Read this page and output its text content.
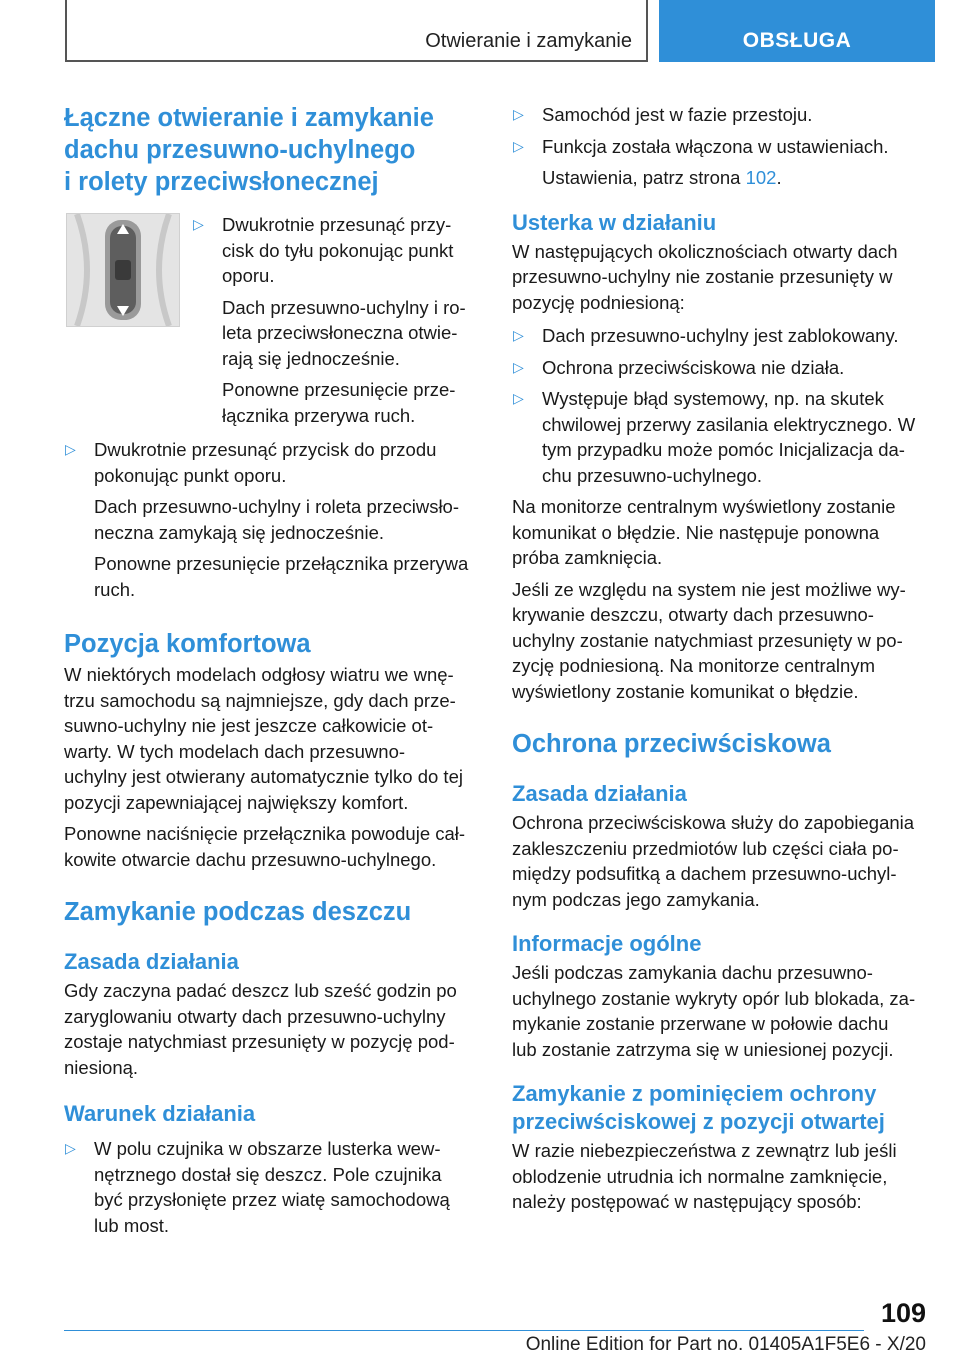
Otwieranie i zamykanie	OBSŁUGA
Łączne otwieranie i zamykanie
dachu przesuwno-uchylnego
i rolety przeciwsłonecznej
▷ Dwukrotnie przesunąć przy-
cisk do tyłu pokonując punkt
oporu.
Dach przesuwno-uchylny i ro-
leta przeciwsłoneczna otwie-
rają się jednocześnie.
Ponowne przesunięcie prze-
łącznika przerywa ruch.
▷ Dwukrotnie przesunąć przycisk do przodu
pokonując punkt oporu.
Dach przesuwno-uchylny i roleta przeciwsło-
neczna zamykają się jednocześnie.
Ponowne przesunięcie przełącznika przerywa
ruch.
Pozycja komfortowa

W niektórych modelach odgłosy wiatru we wnę-
trzu samochodu są najmniejsze, gdy dach prze-
suwno-uchylny nie jest jeszcze całkowicie ot-
warty. W tych modelach dach przesuwno-
uchylny jest otwierany automatycznie tylko do tej
pozycji zapewniającej największy komfort.

Ponowne naciśnięcie przełącznika powoduje cał-
kowite otwarcie dachu przesuwno-uchylnego.

Zamykanie podczas deszczu
Zasada działania

Gdy zaczyna padać deszcz lub sześć godzin po
zaryglowaniu otwarty dach przesuwno-uchylny
zostaje natychmiast przesunięty w pozycję pod-
niesioną.

Warunek działania
▷ W polu czujnika w obszarze lusterka wew-
nętrznego dostał się deszcz. Pole czujnika
być przysłonięte przez wiatę samochodową
lub most.
▷ Samochód jest w fazie przestoju.
▷ Funkcja została włączona w ustawieniach.
Ustawienia, patrz strona 102.
Usterka w działaniu

W następujących okolicznościach otwarty dach
przesuwno-uchylny nie zostanie przesunięty w
pozycję podniesioną:

▷ Dach przesuwno-uchylny jest zablokowany.
▷ Ochrona przeciwściskowa nie działa.
▷ Występuje błąd systemowy, np. na skutek
chwilowej przerwy zasilania elektrycznego. W
tym przypadku może pomóc Inicjalizacja da-
chu przesuwno-uchylnego.

Na monitorze centralnym wyświetlony zostanie
komunikat o błędzie. Nie następuje ponowna
próba zamknięcia.

Jeśli ze względu na system nie jest możliwe wy-
krywanie deszczu, otwarty dach przesuwno-
uchylny zostanie natychmiast przesunięty w po-
zycję podniesioną. Na monitorze centralnym
wyświetlony zostanie komunikat o błędzie.

Ochrona przeciwściskowa
Zasada działania

Ochrona przeciwściskowa służy do zapobiegania
zakleszczeniu przedmiotów lub części ciała po-
między podsufitką a dachem przesuwno-uchyl-
nym podczas jego zamykania.

Informacje ogólne

Jeśli podczas zamykania dachu przesuwno-
uchylnego zostanie wykryty opór lub blokada, za-
mykanie zostanie przerwane w połowie dachu
lub zostanie zatrzyma się w uniesionej pozycji.

Zamykanie z pominięciem ochrony
przeciwściskowej z pozycji otwartej

W razie niebezpieczeństwa z zewnątrz lub jeśli
oblodzenie utrudnia ich normalne zamknięcie,
należy postępować w następujący sposób:

109
Online Edition for Part no. 01405A1F5E6 - X/20
